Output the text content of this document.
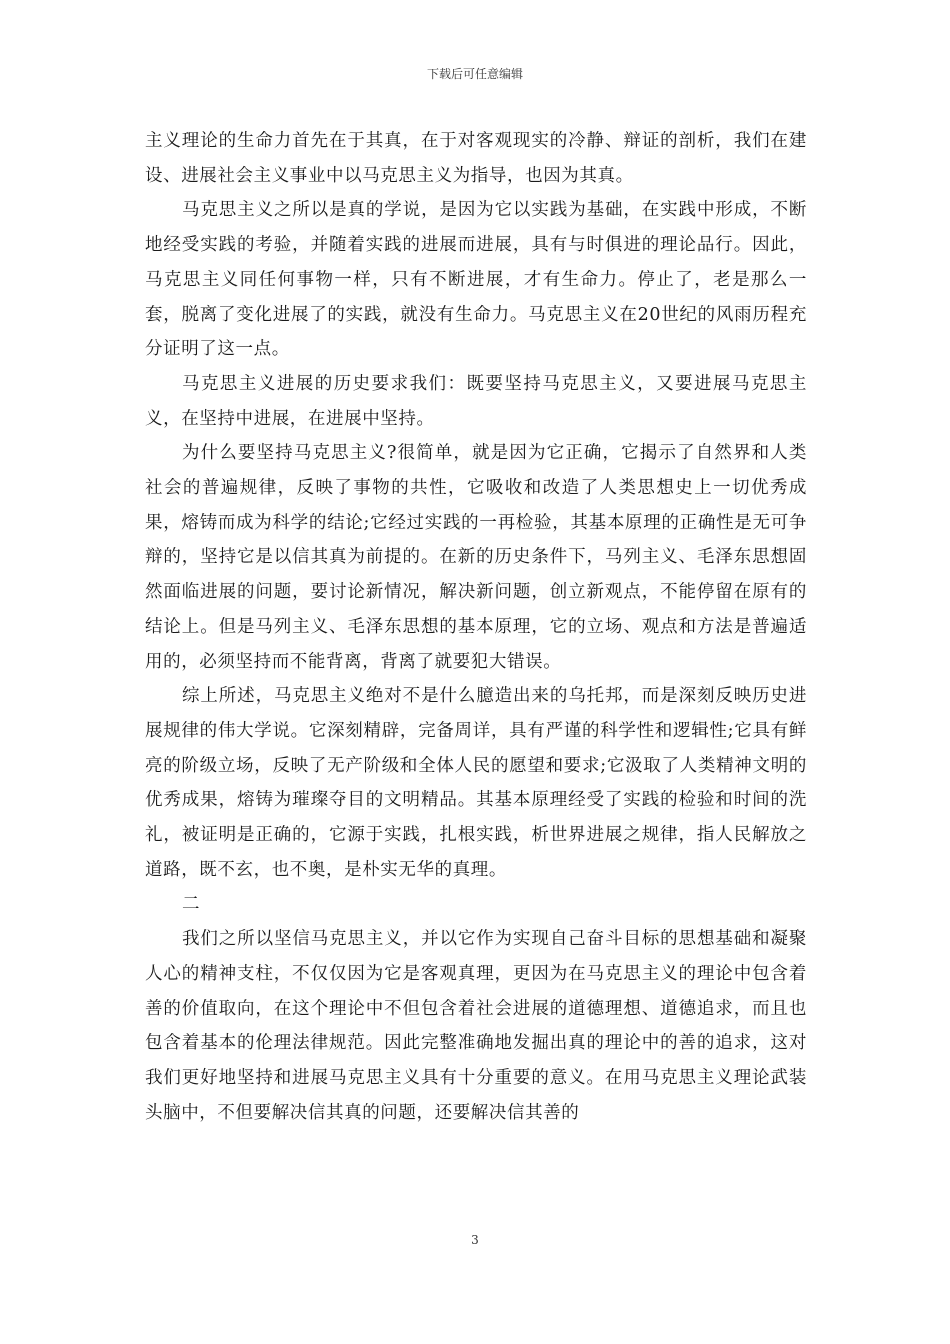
下载后可任意编辑

主义理论的生命力首先在于其真，在于对客观现实的冷静、辩证的剖析，我们在建设、进展社会主义事业中以马克思主义为指导，也因为其真。

马克思主义之所以是真的学说，是因为它以实践为基础，在实践中形成，不断地经受实践的考验，并随着实践的进展而进展，具有与时俱进的理论品行。因此，马克思主义同任何事物一样，只有不断进展，才有生命力。停止了，老是那么一套，脱离了变化进展了的实践，就没有生命力。马克思主义在20世纪的风雨历程充分证明了这一点。

马克思主义进展的历史要求我们：既要坚持马克思主义，又要进展马克思主义，在坚持中进展，在进展中坚持。

为什么要坚持马克思主义?很简单，就是因为它正确，它揭示了自然界和人类社会的普遍规律，反映了事物的共性，它吸收和改造了人类思想史上一切优秀成果，熔铸而成为科学的结论;它经过实践的一再检验，其基本原理的正确性是无可争辩的，坚持它是以信其真为前提的。在新的历史条件下，马列主义、毛泽东思想固然面临进展的问题，要讨论新情况，解决新问题，创立新观点，不能停留在原有的结论上。但是马列主义、毛泽东思想的基本原理，它的立场、观点和方法是普遍适用的，必须坚持而不能背离，背离了就要犯大错误。

综上所述，马克思主义绝对不是什么臆造出来的乌托邦，而是深刻反映历史进展规律的伟大学说。它深刻精辟，完备周详，具有严谨的科学性和逻辑性;它具有鲜亮的阶级立场，反映了无产阶级和全体人民的愿望和要求;它汲取了人类精神文明的优秀成果，熔铸为璀璨夺目的文明精品。其基本原理经受了实践的检验和时间的洗礼，被证明是正确的，它源于实践，扎根实践，析世界进展之规律，指人民解放之道路，既不玄，也不奥，是朴实无华的真理。

二

我们之所以坚信马克思主义，并以它作为实现自己奋斗目标的思想基础和凝聚人心的精神支柱，不仅仅因为它是客观真理，更因为在马克思主义的理论中包含着善的价值取向，在这个理论中不但包含着社会进展的道德理想、道德追求，而且也包含着基本的伦理法律规范。因此完整准确地发掘出真的理论中的善的追求，这对我们更好地坚持和进展马克思主义具有十分重要的意义。在用马克思主义理论武装头脑中，不但要解决信其真的问题，还要解决信其善的

3
